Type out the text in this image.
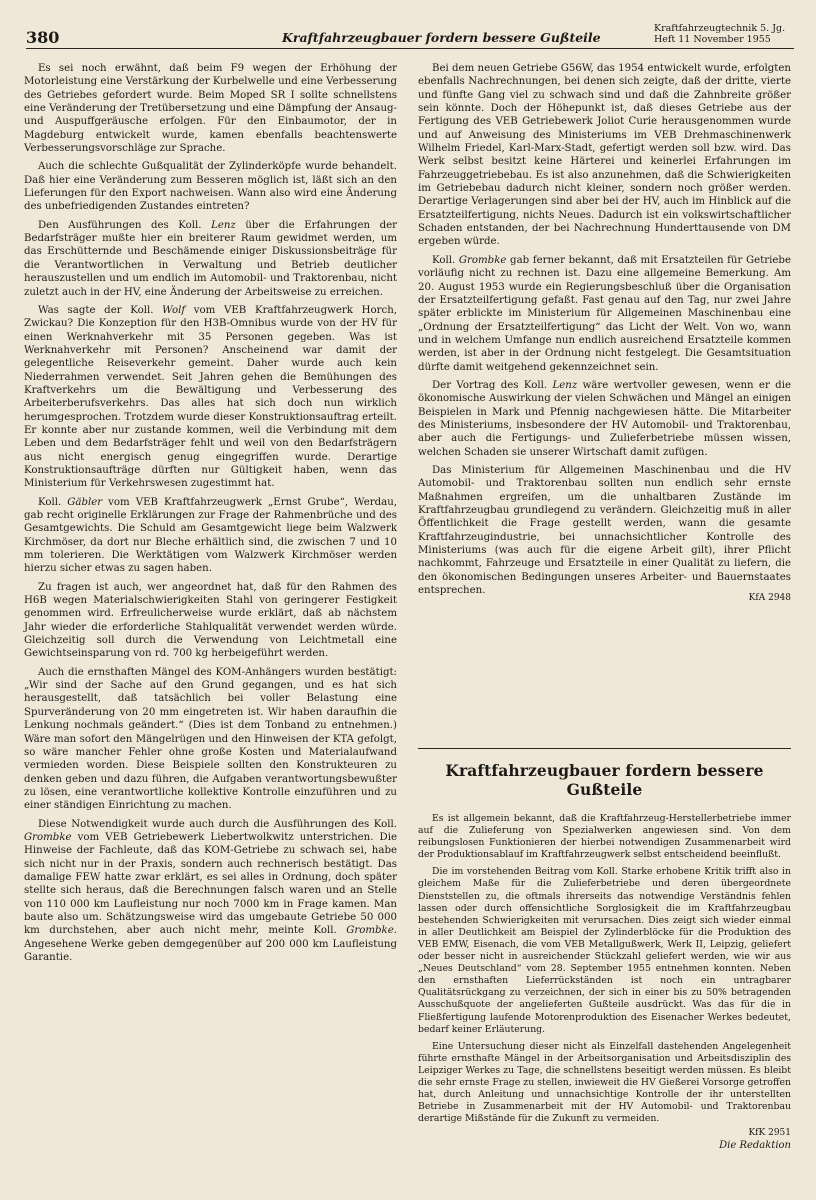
380	Kraftfahrzeugbauer fordern bessere Gußteile
Kraftfahrzeugtechnik 5. Jg.
Heft 11 November 1955

Es sei noch erwähnt, daß beim F9 wegen der Erhöhung der Motorleistung eine Verstärkung der Kurbelwelle und eine Verbesserung des Getriebes gefordert wurde. Beim Moped SR I sollte schnellstens eine Veränderung der Tretübersetzung und eine Dämpfung der Ansaug- und Auspuffgeräusche erfolgen. Für den Einbaumotor, der in Magdeburg entwickelt wurde, kamen ebenfalls beachtenswerte Verbesserungsvorschläge zur Sprache.

Auch die schlechte Gußqualität der Zylinderköpfe wurde behandelt. Daß hier eine Veränderung zum Besseren möglich ist, läßt sich an den Lieferungen für den Export nachweisen. Wann also wird eine Änderung des unbefriedigenden Zustandes eintreten?

Den Ausführungen des Koll. Lenz über die Erfahrungen der Bedarfsträger mußte hier ein breiterer Raum gewidmet werden, um das Erschütternde und Beschämende einiger Diskussionsbeiträge für die Verantwortlichen in Verwaltung und Betrieb deutlicher herauszustellen und um endlich im Automobil- und Traktorenbau, nicht zuletzt auch in der HV, eine Änderung der Arbeitsweise zu erreichen.

Was sagte der Koll. Wolf vom VEB Kraftfahrzeugwerk Horch, Zwickau? Die Konzeption für den H3B-Omnibus wurde von der HV für einen Werknahverkehr mit 35 Personen gegeben. Was ist Werknahverkehr mit Personen? Anscheinend war damit der gelegentliche Reiseverkehr gemeint. Daher wurde auch kein Niederrahmen verwendet. Seit Jahren gehen die Bemühungen des Kraftverkehrs um die Bewältigung und Verbesserung des Arbeiterberufsverkehrs. Das alles hat sich doch nun wirklich herumgesprochen. Trotzdem wurde dieser Konstruktionsauftrag erteilt. Er konnte aber nur zustande kommen, weil die Verbindung mit dem Leben und dem Bedarfsträger fehlt und weil von den Bedarfsträgern aus nicht energisch genug eingegriffen wurde. Derartige Konstruktionsaufträge dürften nur Gültigkeit haben, wenn das Ministerium für Verkehrswesen zugestimmt hat.

Koll. Gäbler vom VEB Kraftfahrzeugwerk „Ernst Grube“, Werdau, gab recht originelle Erklärungen zur Frage der Rahmenbrüche und des Gesamtgewichts. Die Schuld am Gesamtgewicht liege beim Walzwerk Kirchmöser, da dort nur Bleche erhältlich sind, die zwischen 7 und 10 mm tolerieren. Die Werktätigen vom Walzwerk Kirchmöser werden hierzu sicher etwas zu sagen haben.

Zu fragen ist auch, wer angeordnet hat, daß für den Rahmen des H6B wegen Materialschwierigkeiten Stahl von geringerer Festigkeit genommen wird. Erfreulicherweise wurde erklärt, daß ab nächstem Jahr wieder die erforderliche Stahlqualität verwendet werden würde. Gleichzeitig soll durch die Verwendung von Leichtmetall eine Gewichtseinsparung von rd. 700 kg herbeigeführt werden.

Auch die ernsthaften Mängel des KOM-Anhängers wurden bestätigt: „Wir sind der Sache auf den Grund gegangen, und es hat sich herausgestellt, daß tatsächlich bei voller Belastung eine Spurveränderung von 20 mm eingetreten ist. Wir haben daraufhin die Lenkung nochmals geändert.“ (Dies ist dem Tonband zu entnehmen.) Wäre man sofort den Mängelrügen und den Hinweisen der KTA gefolgt, so wäre mancher Fehler ohne große Kosten und Materialaufwand vermieden worden. Diese Beispiele sollten den Konstrukteuren zu denken geben und dazu führen, die Aufgaben verantwortungsbewußter zu lösen, eine verantwortliche kollektive Kontrolle einzuführen und zu einer ständigen Einrichtung zu machen.

Diese Notwendigkeit wurde auch durch die Ausführungen des Koll. Grombke vom VEB Getriebewerk Liebertwolkwitz unterstrichen. Die Hinweise der Fachleute, daß das KOM-Getriebe zu schwach sei, habe sich nicht nur in der Praxis, sondern auch rechnerisch bestätigt. Das damalige FEW hatte zwar erklärt, es sei alles in Ordnung, doch später stellte sich heraus, daß die Berechnungen falsch waren und an Stelle von 110 000 km Laufleistung nur noch 7000 km in Frage kamen. Man baute also um. Schätzungsweise wird das umgebaute Getriebe 50 000 km durchstehen, aber auch nicht mehr, meinte Koll. Grombke. Angesehene Werke geben demgegenüber auf 200 000 km Laufleistung Garantie.

Bei dem neuen Getriebe G56W, das 1954 entwickelt wurde, erfolgten ebenfalls Nachrechnungen, bei denen sich zeigte, daß der dritte, vierte und fünfte Gang viel zu schwach sind und daß die Zahnbreite größer sein könnte. Doch der Höhepunkt ist, daß dieses Getriebe aus der Fertigung des VEB Getriebewerk Joliot Curie herausgenommen wurde und auf Anweisung des Ministeriums im VEB Drehmaschinenwerk Wilhelm Friedel, Karl-Marx-Stadt, gefertigt werden soll bzw. wird. Das Werk selbst besitzt keine Härterei und keinerlei Erfahrungen im Fahrzeuggetriebebau. Es ist also anzunehmen, daß die Schwierigkeiten im Getriebebau dadurch nicht kleiner, sondern noch größer werden. Derartige Verlagerungen sind aber bei der HV, auch im Hinblick auf die Ersatzteilfertigung, nichts Neues. Dadurch ist ein volkswirtschaftlicher Schaden entstanden, der bei Nachrechnung Hunderttausende von DM ergeben würde.

Koll. Grombke gab ferner bekannt, daß mit Ersatzteilen für Getriebe vorläufig nicht zu rechnen ist. Dazu eine allgemeine Bemerkung. Am 20. August 1953 wurde ein Regierungsbeschluß über die Organisation der Ersatzteilfertigung gefaßt. Fast genau auf den Tag, nur zwei Jahre später erblickte im Ministerium für Allgemeinen Maschinenbau eine „Ordnung der Ersatzteilfertigung“ das Licht der Welt. Von wo, wann und in welchem Umfange nun endlich ausreichend Ersatzteile kommen werden, ist aber in der Ordnung nicht festgelegt. Die Gesamtsituation dürfte damit weitgehend gekennzeichnet sein.

Der Vortrag des Koll. Lenz wäre wertvoller gewesen, wenn er die ökonomische Auswirkung der vielen Schwächen und Mängel an einigen Beispielen in Mark und Pfennig nachgewiesen hätte. Die Mitarbeiter des Ministeriums, insbesondere der HV Automobil- und Traktorenbau, aber auch die Fertigungs- und Zulieferbetriebe müssen wissen, welchen Schaden sie unserer Wirtschaft damit zufügen.

Das Ministerium für Allgemeinen Maschinenbau und die HV Automobil- und Traktorenbau sollten nun endlich sehr ernste Maßnahmen ergreifen, um die unhaltbaren Zustände im Kraftfahrzeugbau grundlegend zu verändern. Gleichzeitig muß in aller Öffentlichkeit die Frage gestellt werden, wann die gesamte Kraftfahrzeugindustrie, bei unnachsichtlicher Kontrolle des Ministeriums (was auch für die eigene Arbeit gilt), ihrer Pflicht nachkommt, Fahrzeuge und Ersatzteile in einer Qualität zu liefern, die den ökonomischen Bedingungen unseres Arbeiter- und Bauernstaates entsprechen.

KfA 2948
Kraftfahrzeugbauer fordern bessere Gußteile

Es ist allgemein bekannt, daß die Kraftfahrzeug-Herstellerbetriebe immer auf die Zulieferung von Spezialwerken angewiesen sind. Von dem reibungslosen Funktionieren der hierbei notwendigen Zusammenarbeit wird der Produktionsablauf im Kraftfahrzeugwerk selbst entscheidend beeinflußt.

Die im vorstehenden Beitrag vom Koll. Starke erhobene Kritik trifft also in gleichem Maße für die Zulieferbetriebe und deren übergeordnete Dienststellen zu, die oftmals ihrerseits das notwendige Verständnis fehlen lassen oder durch offensichtliche Sorglosigkeit die im Kraftfahrzeugbau bestehenden Schwierigkeiten mit verursachen. Dies zeigt sich wieder einmal in aller Deutlichkeit am Beispiel der Zylinderblöcke für die Produktion des VEB EMW, Eisenach, die vom VEB Metallgußwerk, Werk II, Leipzig, geliefert oder besser nicht in ausreichender Stückzahl geliefert werden, wie wir aus „Neues Deutschland“ vom 28. September 1955 entnehmen konnten. Neben den ernsthaften Lieferrückständen ist noch ein untragbarer Qualitätsrückgang zu verzeichnen, der sich in einer bis zu 50% betragenden Ausschußquote der angelieferten Gußteile ausdrückt. Was das für die in Fließfertigung laufende Motorenproduktion des Eisenacher Werkes bedeutet, bedarf keiner Erläuterung.

Eine Untersuchung dieser nicht als Einzelfall dastehenden Angelegenheit führte ernsthafte Mängel in der Arbeitsorganisation und Arbeitsdisziplin des Leipziger Werkes zu Tage, die schnellstens beseitigt werden müssen. Es bleibt die sehr ernste Frage zu stellen, inwieweit die HV Gießerei Vorsorge getroffen hat, durch Anleitung und unnachsichtige Kontrolle der ihr unterstellten Betriebe in Zusammenarbeit mit der HV Automobil- und Traktorenbau derartige Mißstände für die Zukunft zu vermeiden.

KfK 2951
Die Redaktion
